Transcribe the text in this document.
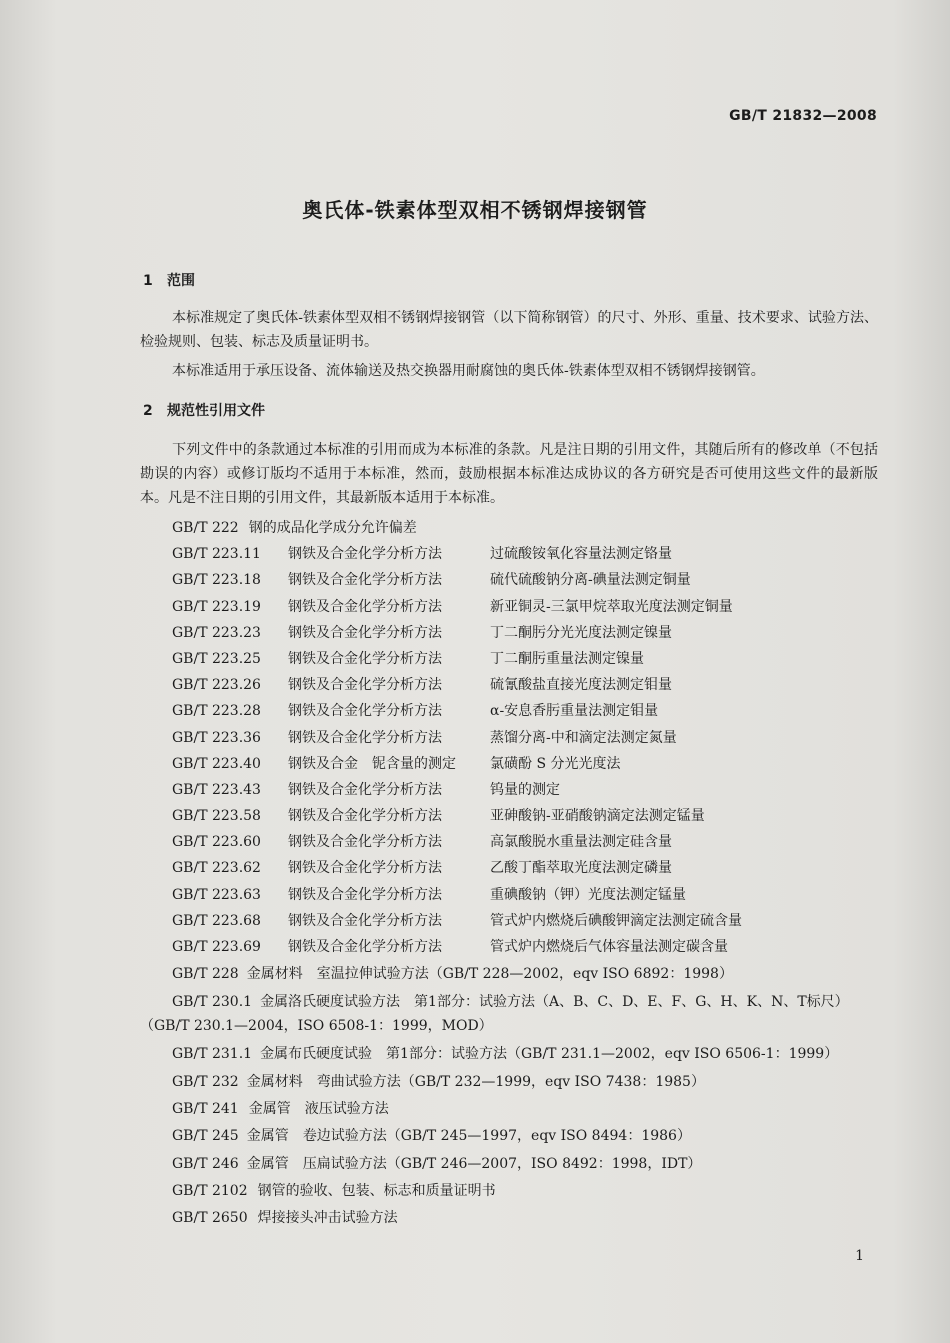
GB/T 21832—2008
奥氏体-铁素体型双相不锈钢焊接钢管
1 范围
本标准规定了奥氏体-铁素体型双相不锈钢焊接钢管（以下简称钢管）的尺寸、外形、重量、技术要求、试验方法、检验规则、包装、标志及质量证明书。
本标准适用于承压设备、流体输送及热交换器用耐腐蚀的奥氏体-铁素体型双相不锈钢焊接钢管。
2 规范性引用文件
下列文件中的条款通过本标准的引用而成为本标准的条款。凡是注日期的引用文件，其随后所有的修改单（不包括勘误的内容）或修订版均不适用于本标准，然而，鼓励根据本标准达成协议的各方研究是否可使用这些文件的最新版本。凡是不注日期的引用文件，其最新版本适用于本标准。
GB/T 222 钢的成品化学成分允许偏差
GB/T 223.11 钢铁及合金化学分析方法	过硫酸铵氧化容量法测定铬量
GB/T 223.18 钢铁及合金化学分析方法	硫代硫酸钠分离-碘量法测定铜量
GB/T 223.19 钢铁及合金化学分析方法	新亚铜灵-三氯甲烷萃取光度法测定铜量
GB/T 223.23 钢铁及合金化学分析方法	丁二酮肟分光光度法测定镍量
GB/T 223.25 钢铁及合金化学分析方法	丁二酮肟重量法测定镍量
GB/T 223.26 钢铁及合金化学分析方法	硫氰酸盐直接光度法测定钼量
GB/T 223.28 钢铁及合金化学分析方法	α-安息香肟重量法测定钼量
GB/T 223.36 钢铁及合金化学分析方法	蒸馏分离-中和滴定法测定氮量
GB/T 223.40 钢铁及合金　铌含量的测定 氯磺酚 S 分光光度法
GB/T 223.43 钢铁及合金化学分析方法	钨量的测定
GB/T 223.58 钢铁及合金化学分析方法	亚砷酸钠-亚硝酸钠滴定法测定锰量
GB/T 223.60 钢铁及合金化学分析方法	高氯酸脱水重量法测定硅含量
GB/T 223.62 钢铁及合金化学分析方法	乙酸丁酯萃取光度法测定磷量
GB/T 223.63 钢铁及合金化学分析方法	重碘酸钠（钾）光度法测定锰量
GB/T 223.68 钢铁及合金化学分析方法	管式炉内燃烧后碘酸钾滴定法测定硫含量
GB/T 223.69 钢铁及合金化学分析方法	管式炉内燃烧后气体容量法测定碳含量
GB/T 228 金属材料　室温拉伸试验方法（GB/T 228—2002，eqv ISO 6892：1998）
GB/T 230.1 金属洛氏硬度试验方法　第1部分：试验方法（A、B、C、D、E、F、G、H、K、N、T标尺）（GB/T 230.1—2004，ISO 6508-1：1999，MOD）
GB/T 231.1 金属布氏硬度试验　第1部分：试验方法（GB/T 231.1—2002，eqv ISO 6506-1：1999）
GB/T 232 金属材料　弯曲试验方法（GB/T 232—1999，eqv ISO 7438：1985）
GB/T 241 金属管　液压试验方法
GB/T 245 金属管　卷边试验方法（GB/T 245—1997，eqv ISO 8494：1986）
GB/T 246 金属管　压扁试验方法（GB/T 246—2007，ISO 8492：1998，IDT）
GB/T 2102 钢管的验收、包装、标志和质量证明书
GB/T 2650 焊接接头冲击试验方法
1
